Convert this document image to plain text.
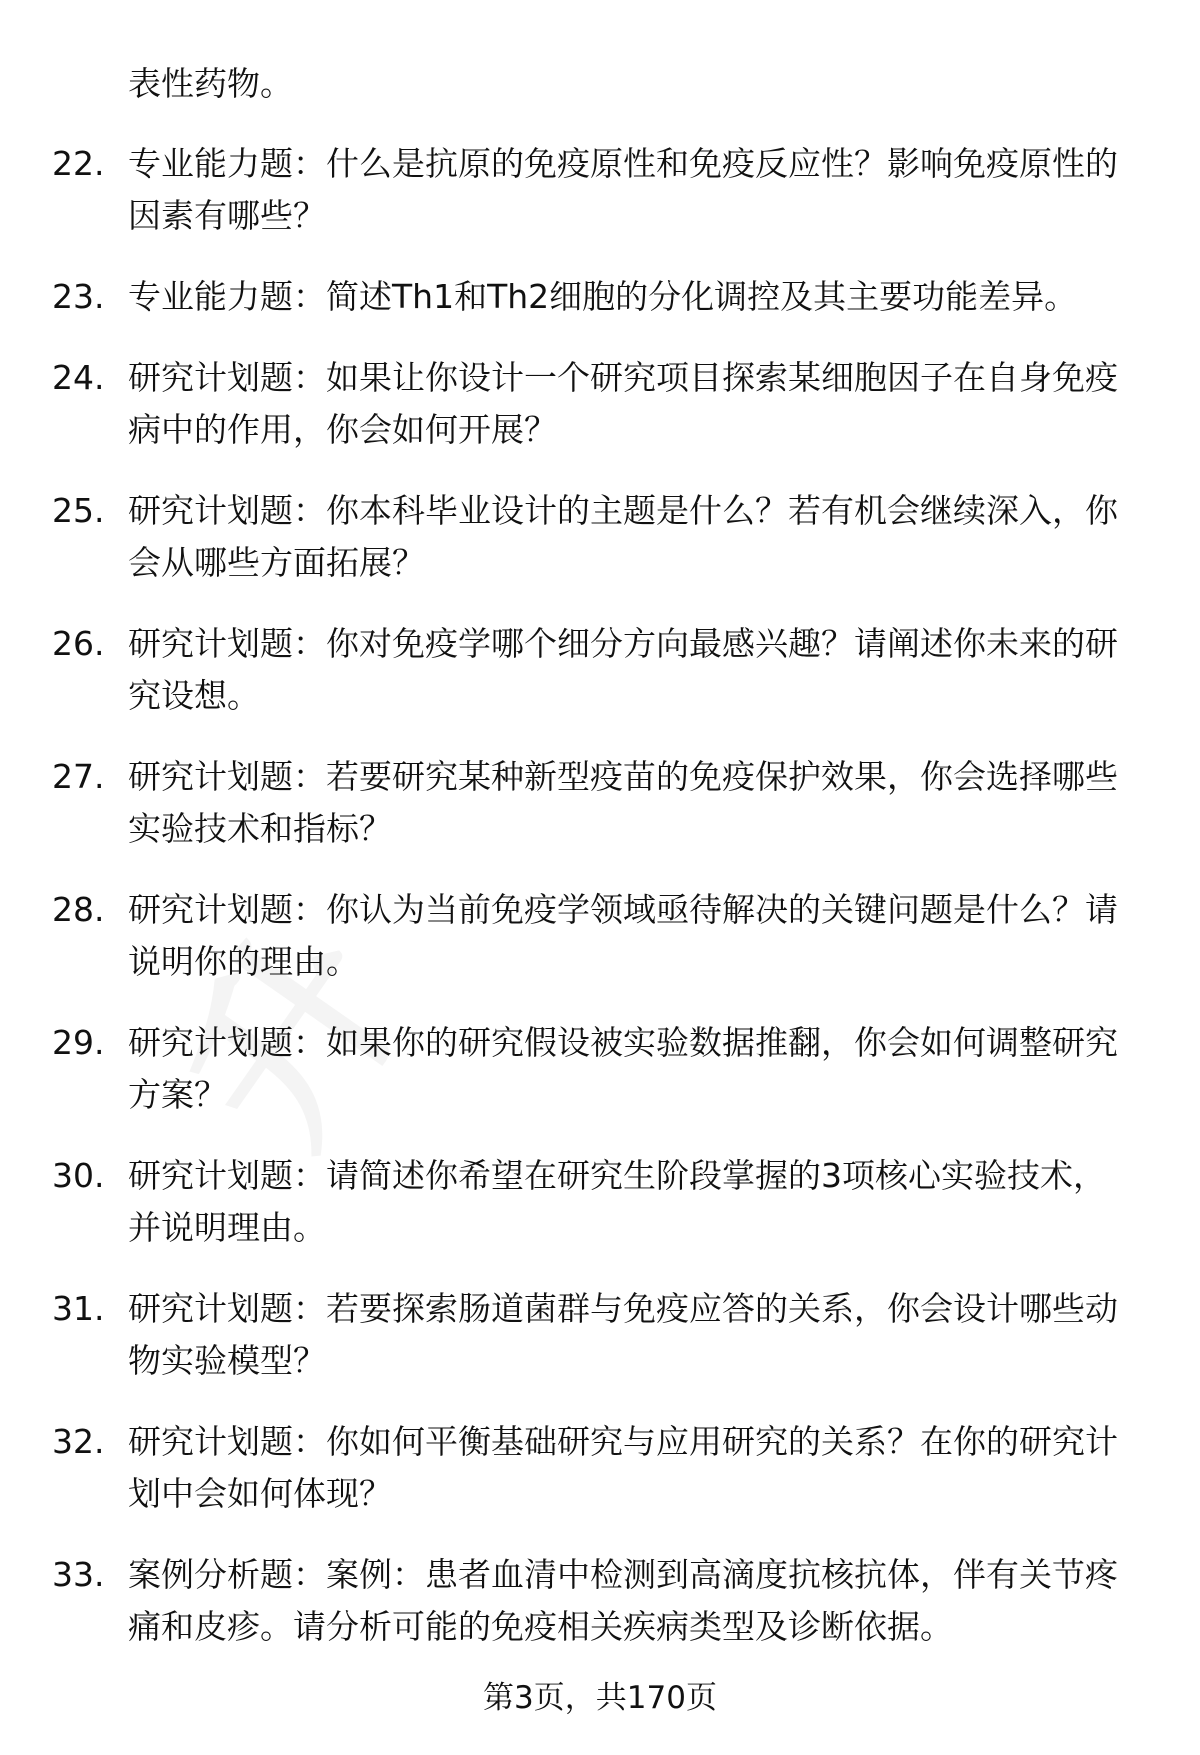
表性药物。
22. 专业能力题：什么是抗原的免疫原性和免疫反应性？影响免疫原性的因素有哪些？
23. 专业能力题：简述Th1和Th2细胞的分化调控及其主要功能差异。
24. 研究计划题：如果让你设计一个研究项目探索某细胞因子在自身免疫病中的作用，你会如何开展？
25. 研究计划题：你本科毕业设计的主题是什么？若有机会继续深入，你会从哪些方面拓展？
26. 研究计划题：你对免疫学哪个细分方向最感兴趣？请阐述你未来的研究设想。
27. 研究计划题：若要研究某种新型疫苗的免疫保护效果，你会选择哪些实验技术和指标？
28. 研究计划题：你认为当前免疫学领域亟待解决的关键问题是什么？请说明你的理由。
29. 研究计划题：如果你的研究假设被实验数据推翻，你会如何调整研究方案？
30. 研究计划题：请简述你希望在研究生阶段掌握的3项核心实验技术，并说明理由。
31. 研究计划题：若要探索肠道菌群与免疫应答的关系，你会设计哪些动物实验模型？
32. 研究计划题：你如何平衡基础研究与应用研究的关系？在你的研究计划中会如何体现？
33. 案例分析题：案例：患者血清中检测到高滴度抗核抗体，伴有关节疼痛和皮疹。请分析可能的免疫相关疾病类型及诊断依据。
第3页，共170页
